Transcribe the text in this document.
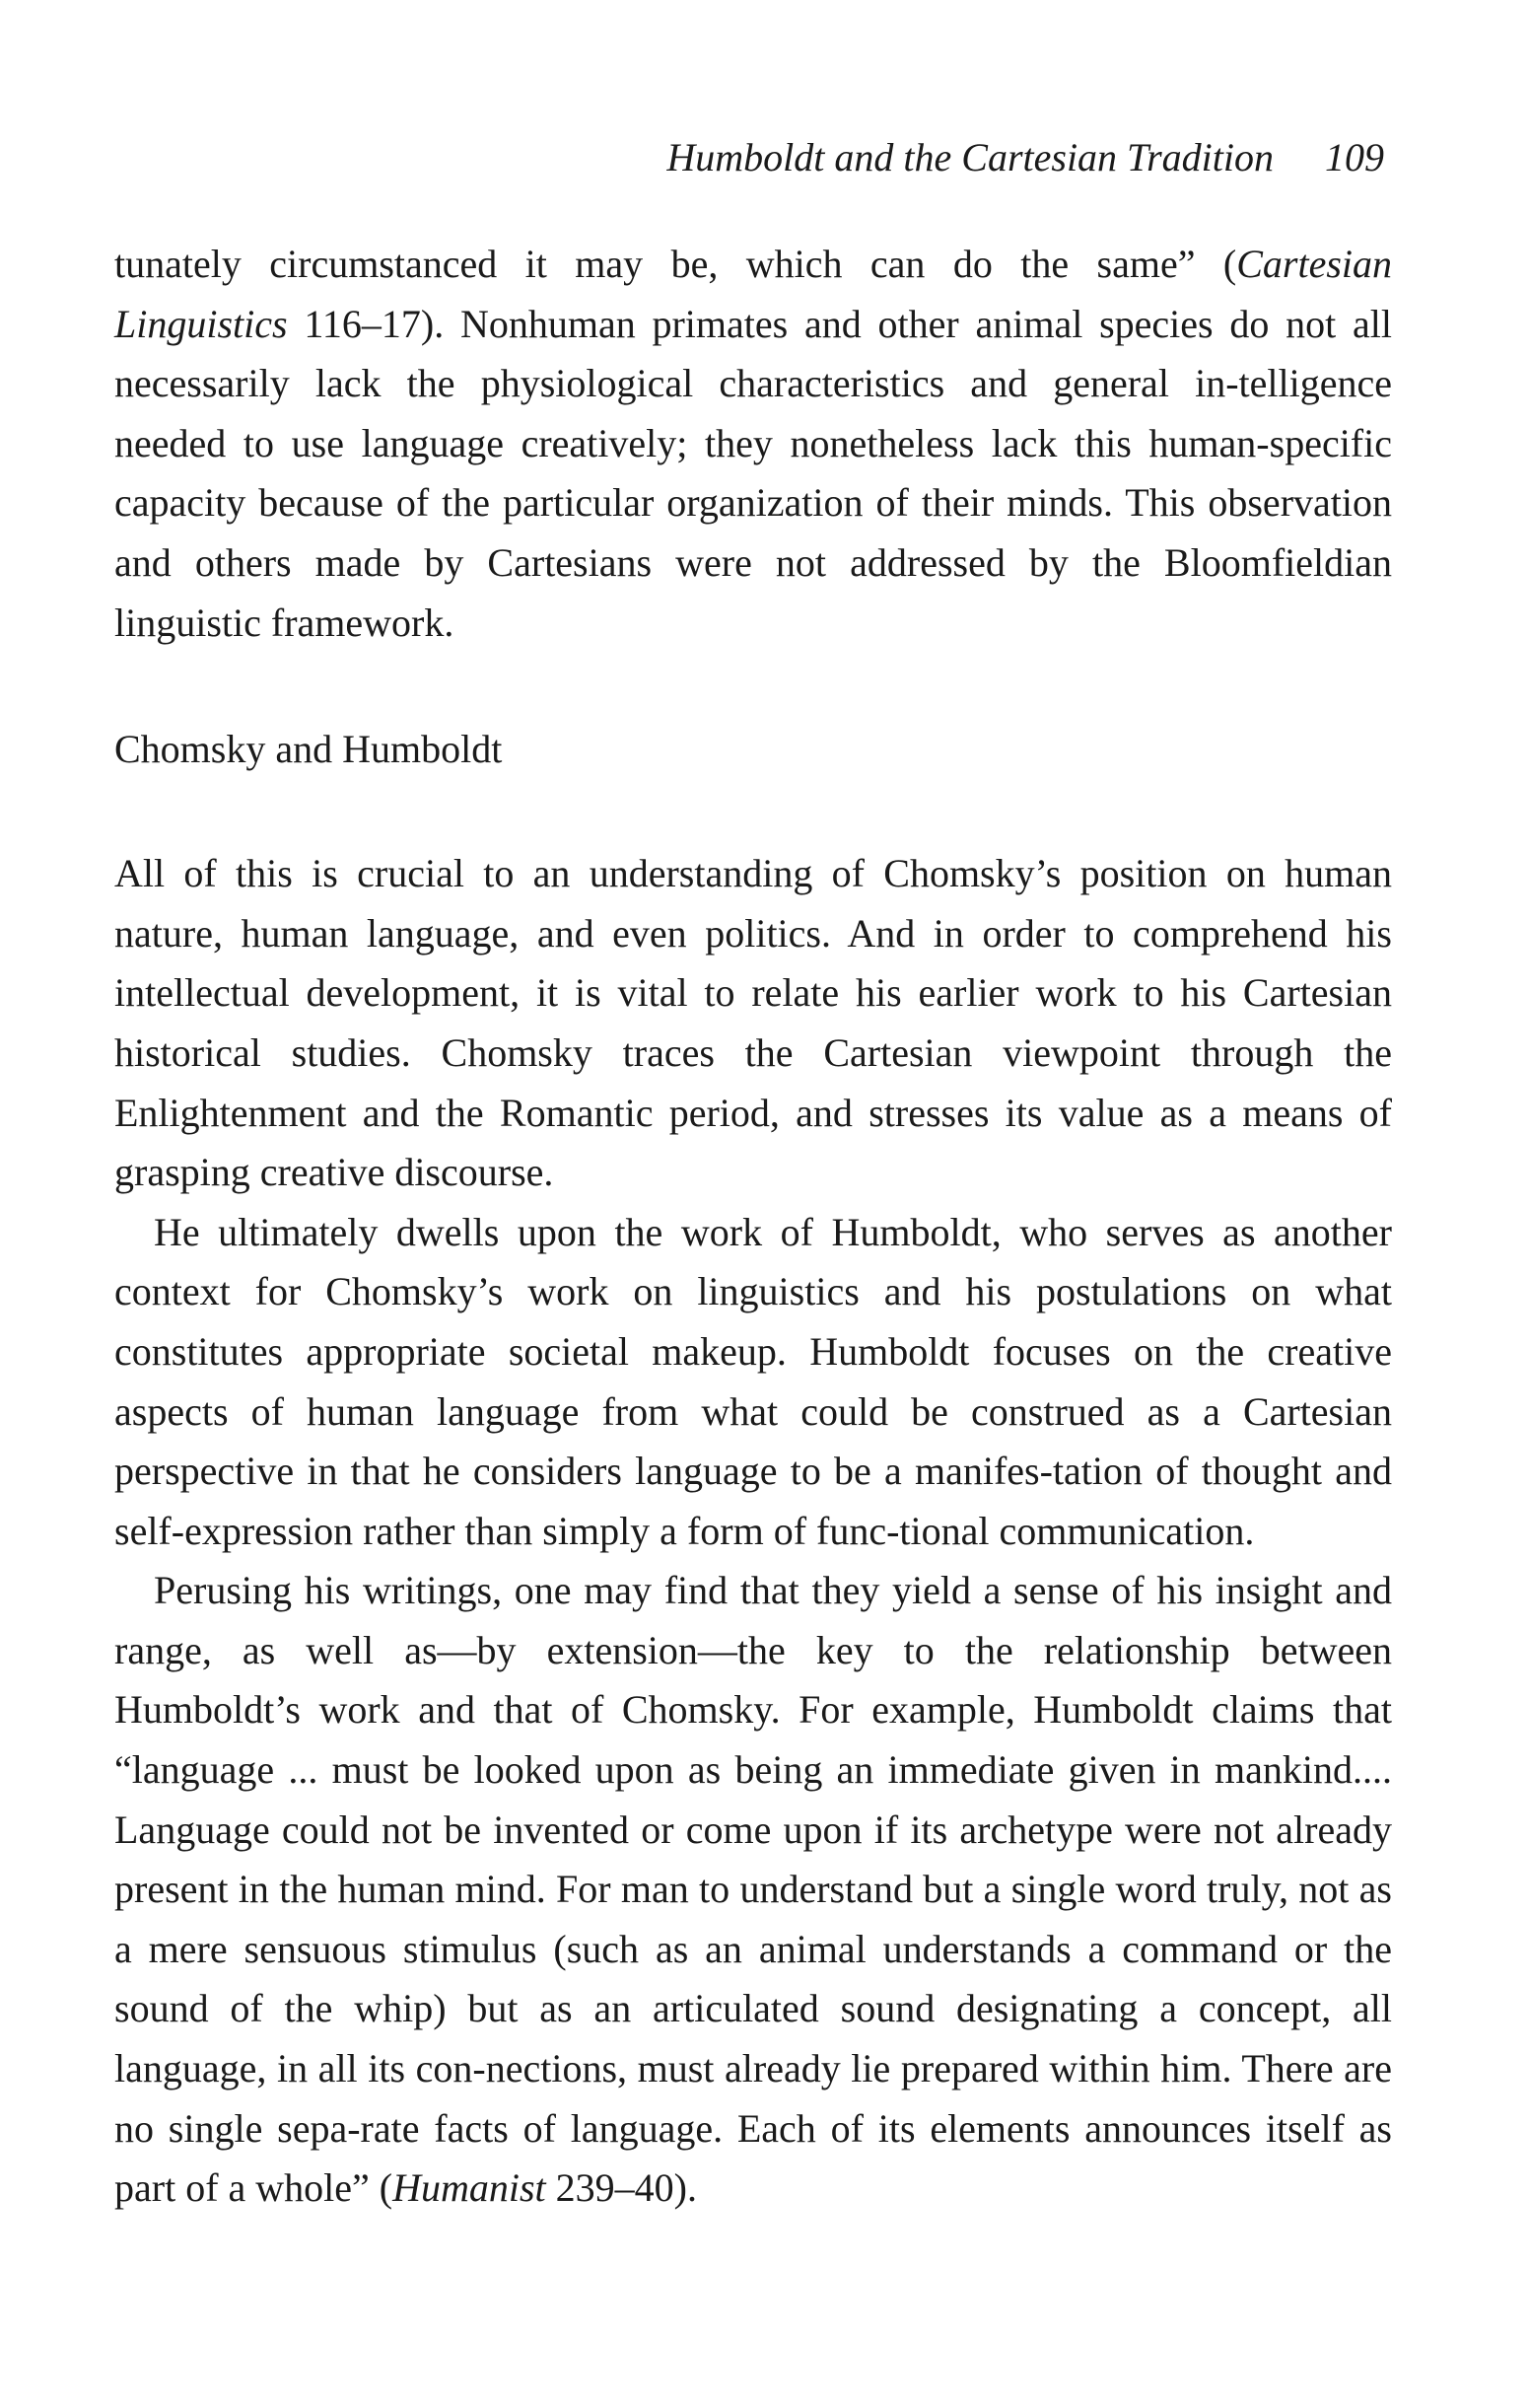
Humboldt and the Cartesian Tradition 109

tunately circumstanced it may be, which can do the same” (Cartesian Linguistics 116–17). Nonhuman primates and other animal species do not all necessarily lack the physiological characteristics and general in-telligence needed to use language creatively; they nonetheless lack this human-specific capacity because of the particular organization of their minds. This observation and others made by Cartesians were not addressed by the Bloomfieldian linguistic framework.

Chomsky and Humboldt

All of this is crucial to an understanding of Chomsky’s position on human nature, human language, and even politics. And in order to comprehend his intellectual development, it is vital to relate his earlier work to his Cartesian historical studies. Chomsky traces the Cartesian viewpoint through the Enlightenment and the Romantic period, and stresses its value as a means of grasping creative discourse.

He ultimately dwells upon the work of Humboldt, who serves as another context for Chomsky’s work on linguistics and his postulations on what constitutes appropriate societal makeup. Humboldt focuses on the creative aspects of human language from what could be construed as a Cartesian perspective in that he considers language to be a manifes-tation of thought and self-expression rather than simply a form of func-tional communication.

Perusing his writings, one may find that they yield a sense of his insight and range, as well as—by extension—the key to the relationship between Humboldt’s work and that of Chomsky. For example, Humboldt claims that “language ... must be looked upon as being an immediate given in mankind.... Language could not be invented or come upon if its archetype were not already present in the human mind. For man to understand but a single word truly, not as a mere sensuous stimulus (such as an animal understands a command or the sound of the whip) but as an articulated sound designating a concept, all language, in all its con-nections, must already lie prepared within him. There are no single sepa-rate facts of language. Each of its elements announces itself as part of a whole” (Humanist 239–40).
